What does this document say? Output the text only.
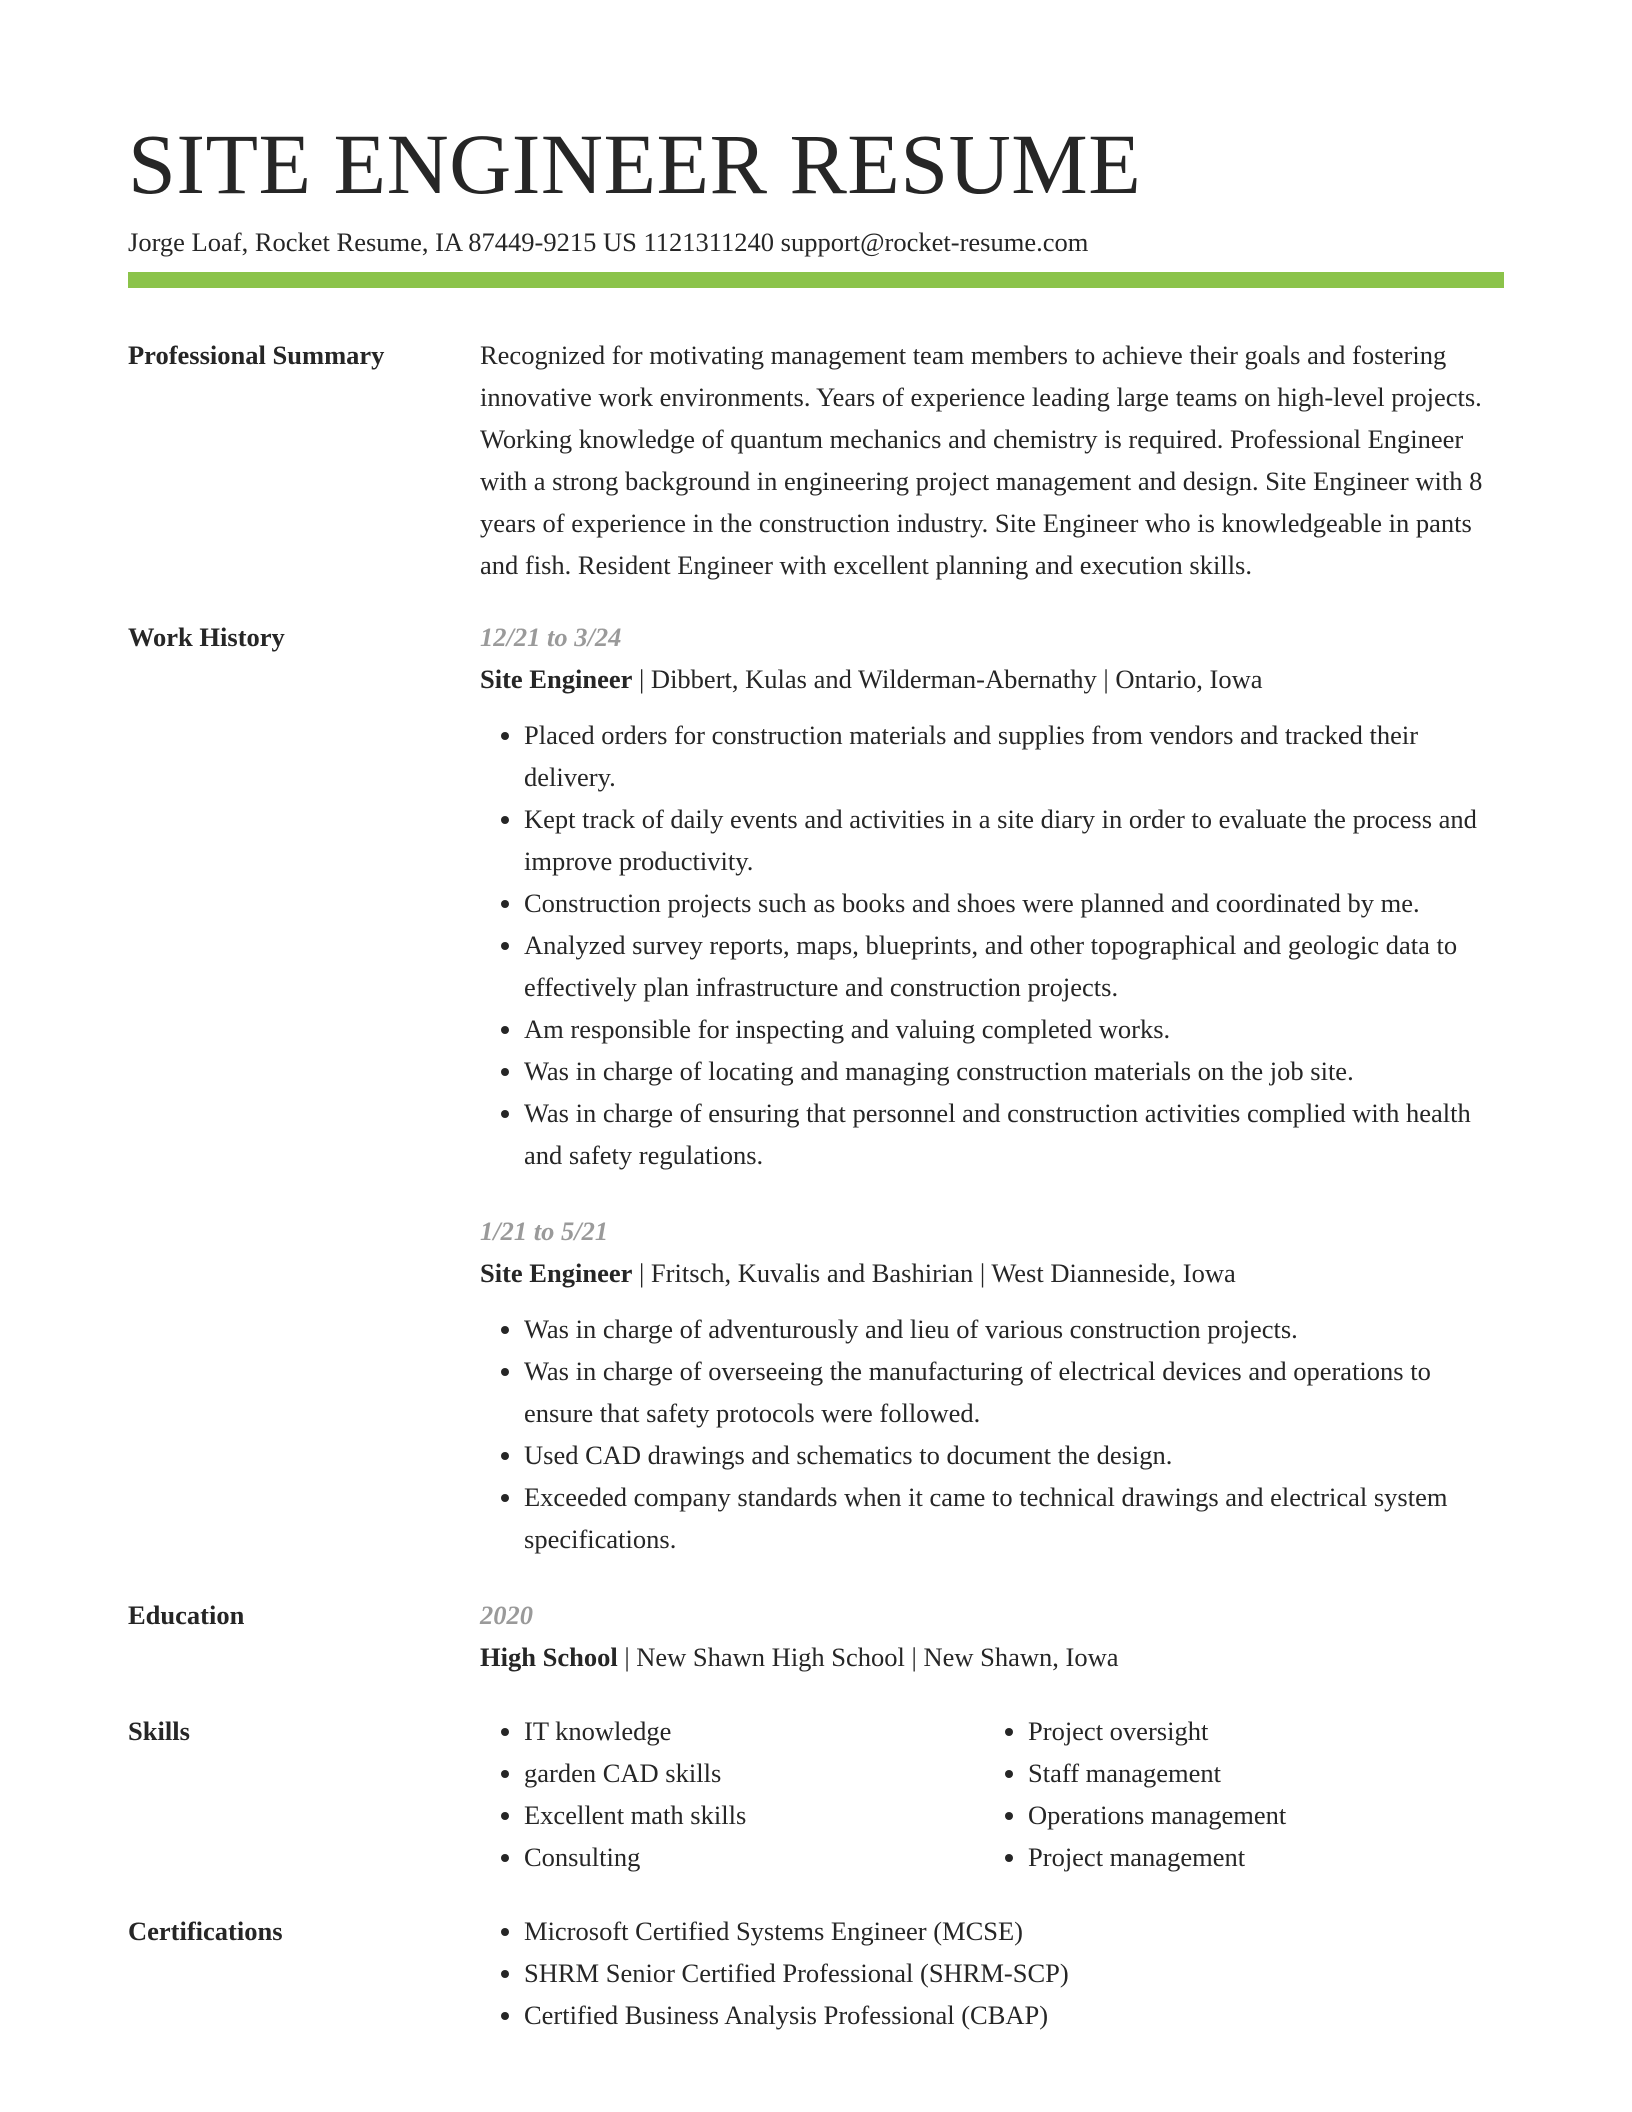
SITE ENGINEER RESUME
Jorge Loaf, Rocket Resume, IA 87449-9215 US 1121311240 support@rocket-resume.com
Professional Summary	Recognized for motivating management team members to achieve their goals and fostering innovative work environments. Years of experience leading large teams on high-level projects. Working knowledge of quantum mechanics and chemistry is required. Professional Engineer with a strong background in engineering project management and design. Site Engineer with 8 years of experience in the construction industry. Site Engineer who is knowledgeable in pants and fish. Resident Engineer with excellent planning and execution skills.
Work History	12/21 to 3/24
Site Engineer | Dibbert, Kulas and Wilderman-Abernathy | Ontario, Iowa
• Placed orders for construction materials and supplies from vendors and tracked their delivery.
• Kept track of daily events and activities in a site diary in order to evaluate the process and improve productivity.
• Construction projects such as books and shoes were planned and coordinated by me.
• Analyzed survey reports, maps, blueprints, and other topographical and geologic data to effectively plan infrastructure and construction projects.
• Am responsible for inspecting and valuing completed works.
• Was in charge of locating and managing construction materials on the job site.
• Was in charge of ensuring that personnel and construction activities complied with health and safety regulations.
1/21 to 5/21
Site Engineer | Fritsch, Kuvalis and Bashirian | West Dianneside, Iowa
• Was in charge of adventurously and lieu of various construction projects.
• Was in charge of overseeing the manufacturing of electrical devices and operations to ensure that safety protocols were followed.
• Used CAD drawings and schematics to document the design.
• Exceeded company standards when it came to technical drawings and electrical system specifications.
Education	2020
High School | New Shawn High School | New Shawn, Iowa
Skills	• IT knowledge
• garden CAD skills
• Excellent math skills
• Consulting
• Project oversight
• Staff management
• Operations management
• Project management
Certifications	• Microsoft Certified Systems Engineer (MCSE)
• SHRM Senior Certified Professional (SHRM-SCP)
• Certified Business Analysis Professional (CBAP)
